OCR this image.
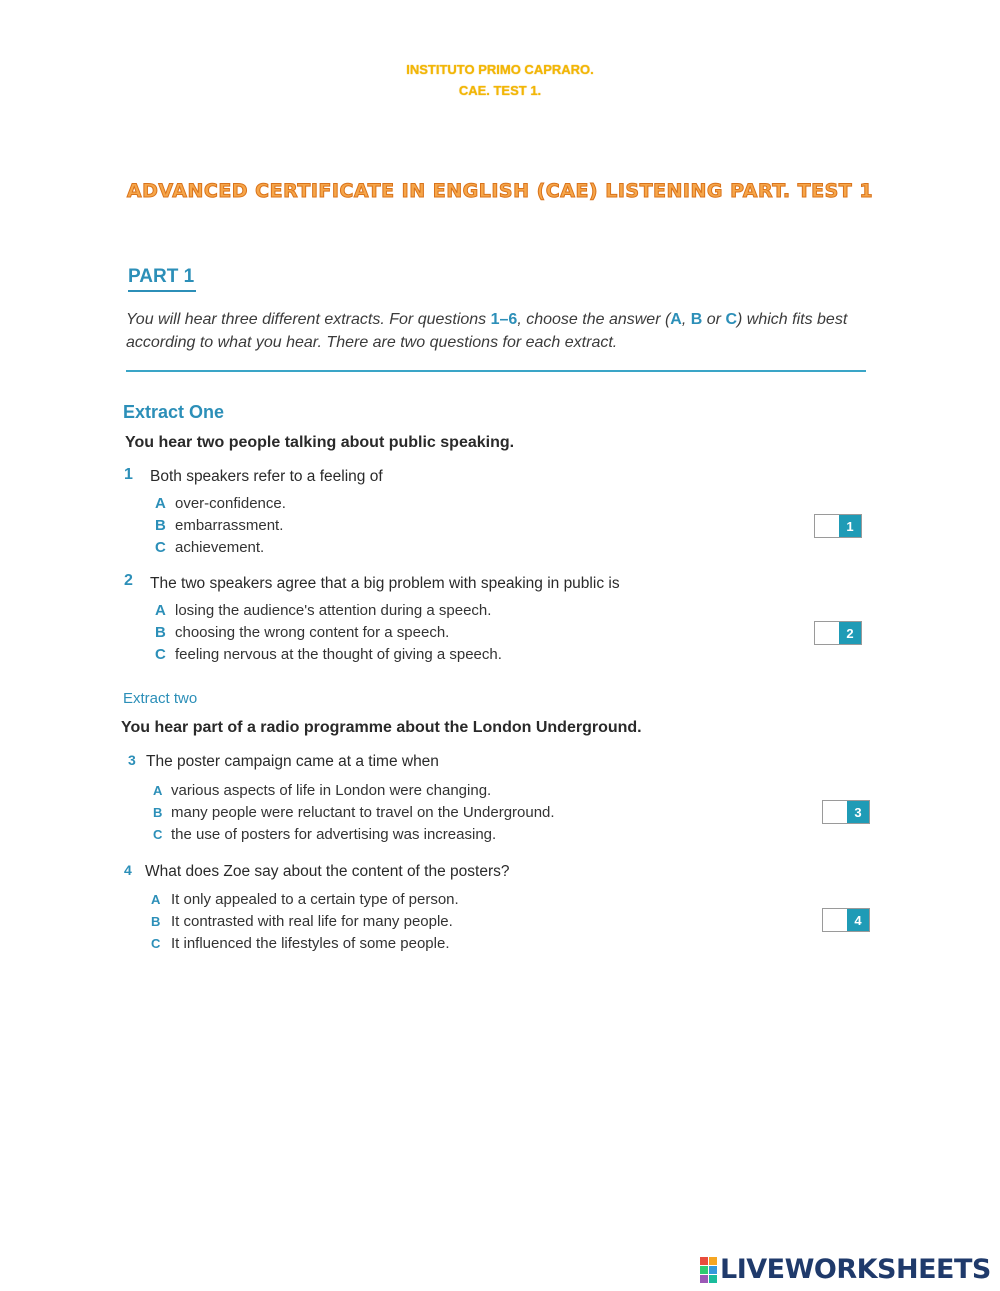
INSTITUTO PRIMO CAPRARO.
CAE. TEST 1.
ADVANCED CERTIFICATE IN ENGLISH (CAE) LISTENING PART. TEST 1
PART 1
You will hear three different extracts. For questions 1–6, choose the answer (A, B or C) which fits best according to what you hear. There are two questions for each extract.
Extract One
You hear two people talking about public speaking.
1 Both speakers refer to a feeling of
A over-confidence.
B embarrassment.
C achievement.
1
2 The two speakers agree that a big problem with speaking in public is
A losing the audience's attention during a speech.
B choosing the wrong content for a speech.
C feeling nervous at the thought of giving a speech.
2
Extract two
You hear part of a radio programme about the London Underground.
3 The poster campaign came at a time when
A various aspects of life in London were changing.
B many people were reluctant to travel on the Underground.
C the use of posters for advertising was increasing.
3
4 What does Zoe say about the content of the posters?
A It only appealed to a certain type of person.
B It contrasted with real life for many people.
C It influenced the lifestyles of some people.
4
LIVEWORKSHEETS
